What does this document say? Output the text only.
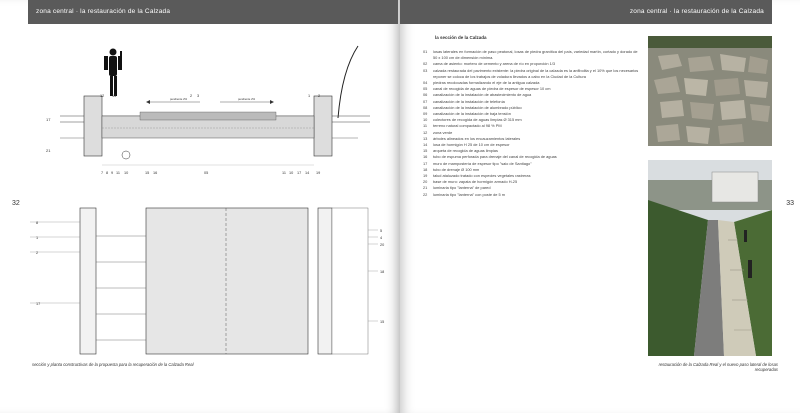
zona central · la restauración de la Calzada
32
pendiente 2%	pendiente 2%
17
21
12 13	2 3	1 2
7 8 9 11 10	15 16	05	11 10 17 14 19
8
1
2
17
5
4
20
18
15
sección y planta constructivas de la propuesta para la recuperación de la Calzada Real
zona central · la restauración de la Calzada
33
la sección de la Calzada
01	losas laterales en formación de paso peatonal, losas de piedra granítica del país, variedad martín, cortado y dorado de 50 x 100 cm de dimensión mínima.
02	cama de asiento: mortero de cemento y arena de río en proporción 1/3
03	calzada restaurada del pavimento existente: la piedra original de la calzada es la anfibolita y el 10% que los necesarios reponer se coloca de los trabajos de voladura llevados a cabo en la Ciudad de la Cultura
04	piedras recolocadas formalizando el eje de la antigua calzada
05	canal de recogida de aguas de piedra de espesor de espesor 10 cm
06	canalización de la instalación de abastecimiento de agua
07	canalización de la instalación de telefonía
08	canalización de la instalación de alumbrado público
09	canalización de la instalación de baja tensión
10	colectores de recogida de aguas limpias Ø 315 mm
11	terreno natural compactado al 98 % PM
12	zona verde
13	árboles alineados en los encauzamientos laterales
14	losa de hormigón H 25 de 10 cm de espesor
15	arqueta de recogida de aguas limpias
16	tubo de espuma perforada para drenaje del canal de recogida de aguas
17	muro de mampostería de espesor tipo "saio de Santiago"
18	tubo de drenaje Ø 100 mm
19	talud ataluzado tratado con especies vegetales rastreras
20	base de muro: zapata de hormigón armado H-25
21	luminaria tipo "lanterna" de pared
22	luminaria tipo "lanterna" con poste de 5 m
restauración de la Calzada Real y el nuevo paso lateral de losas recuperadas
